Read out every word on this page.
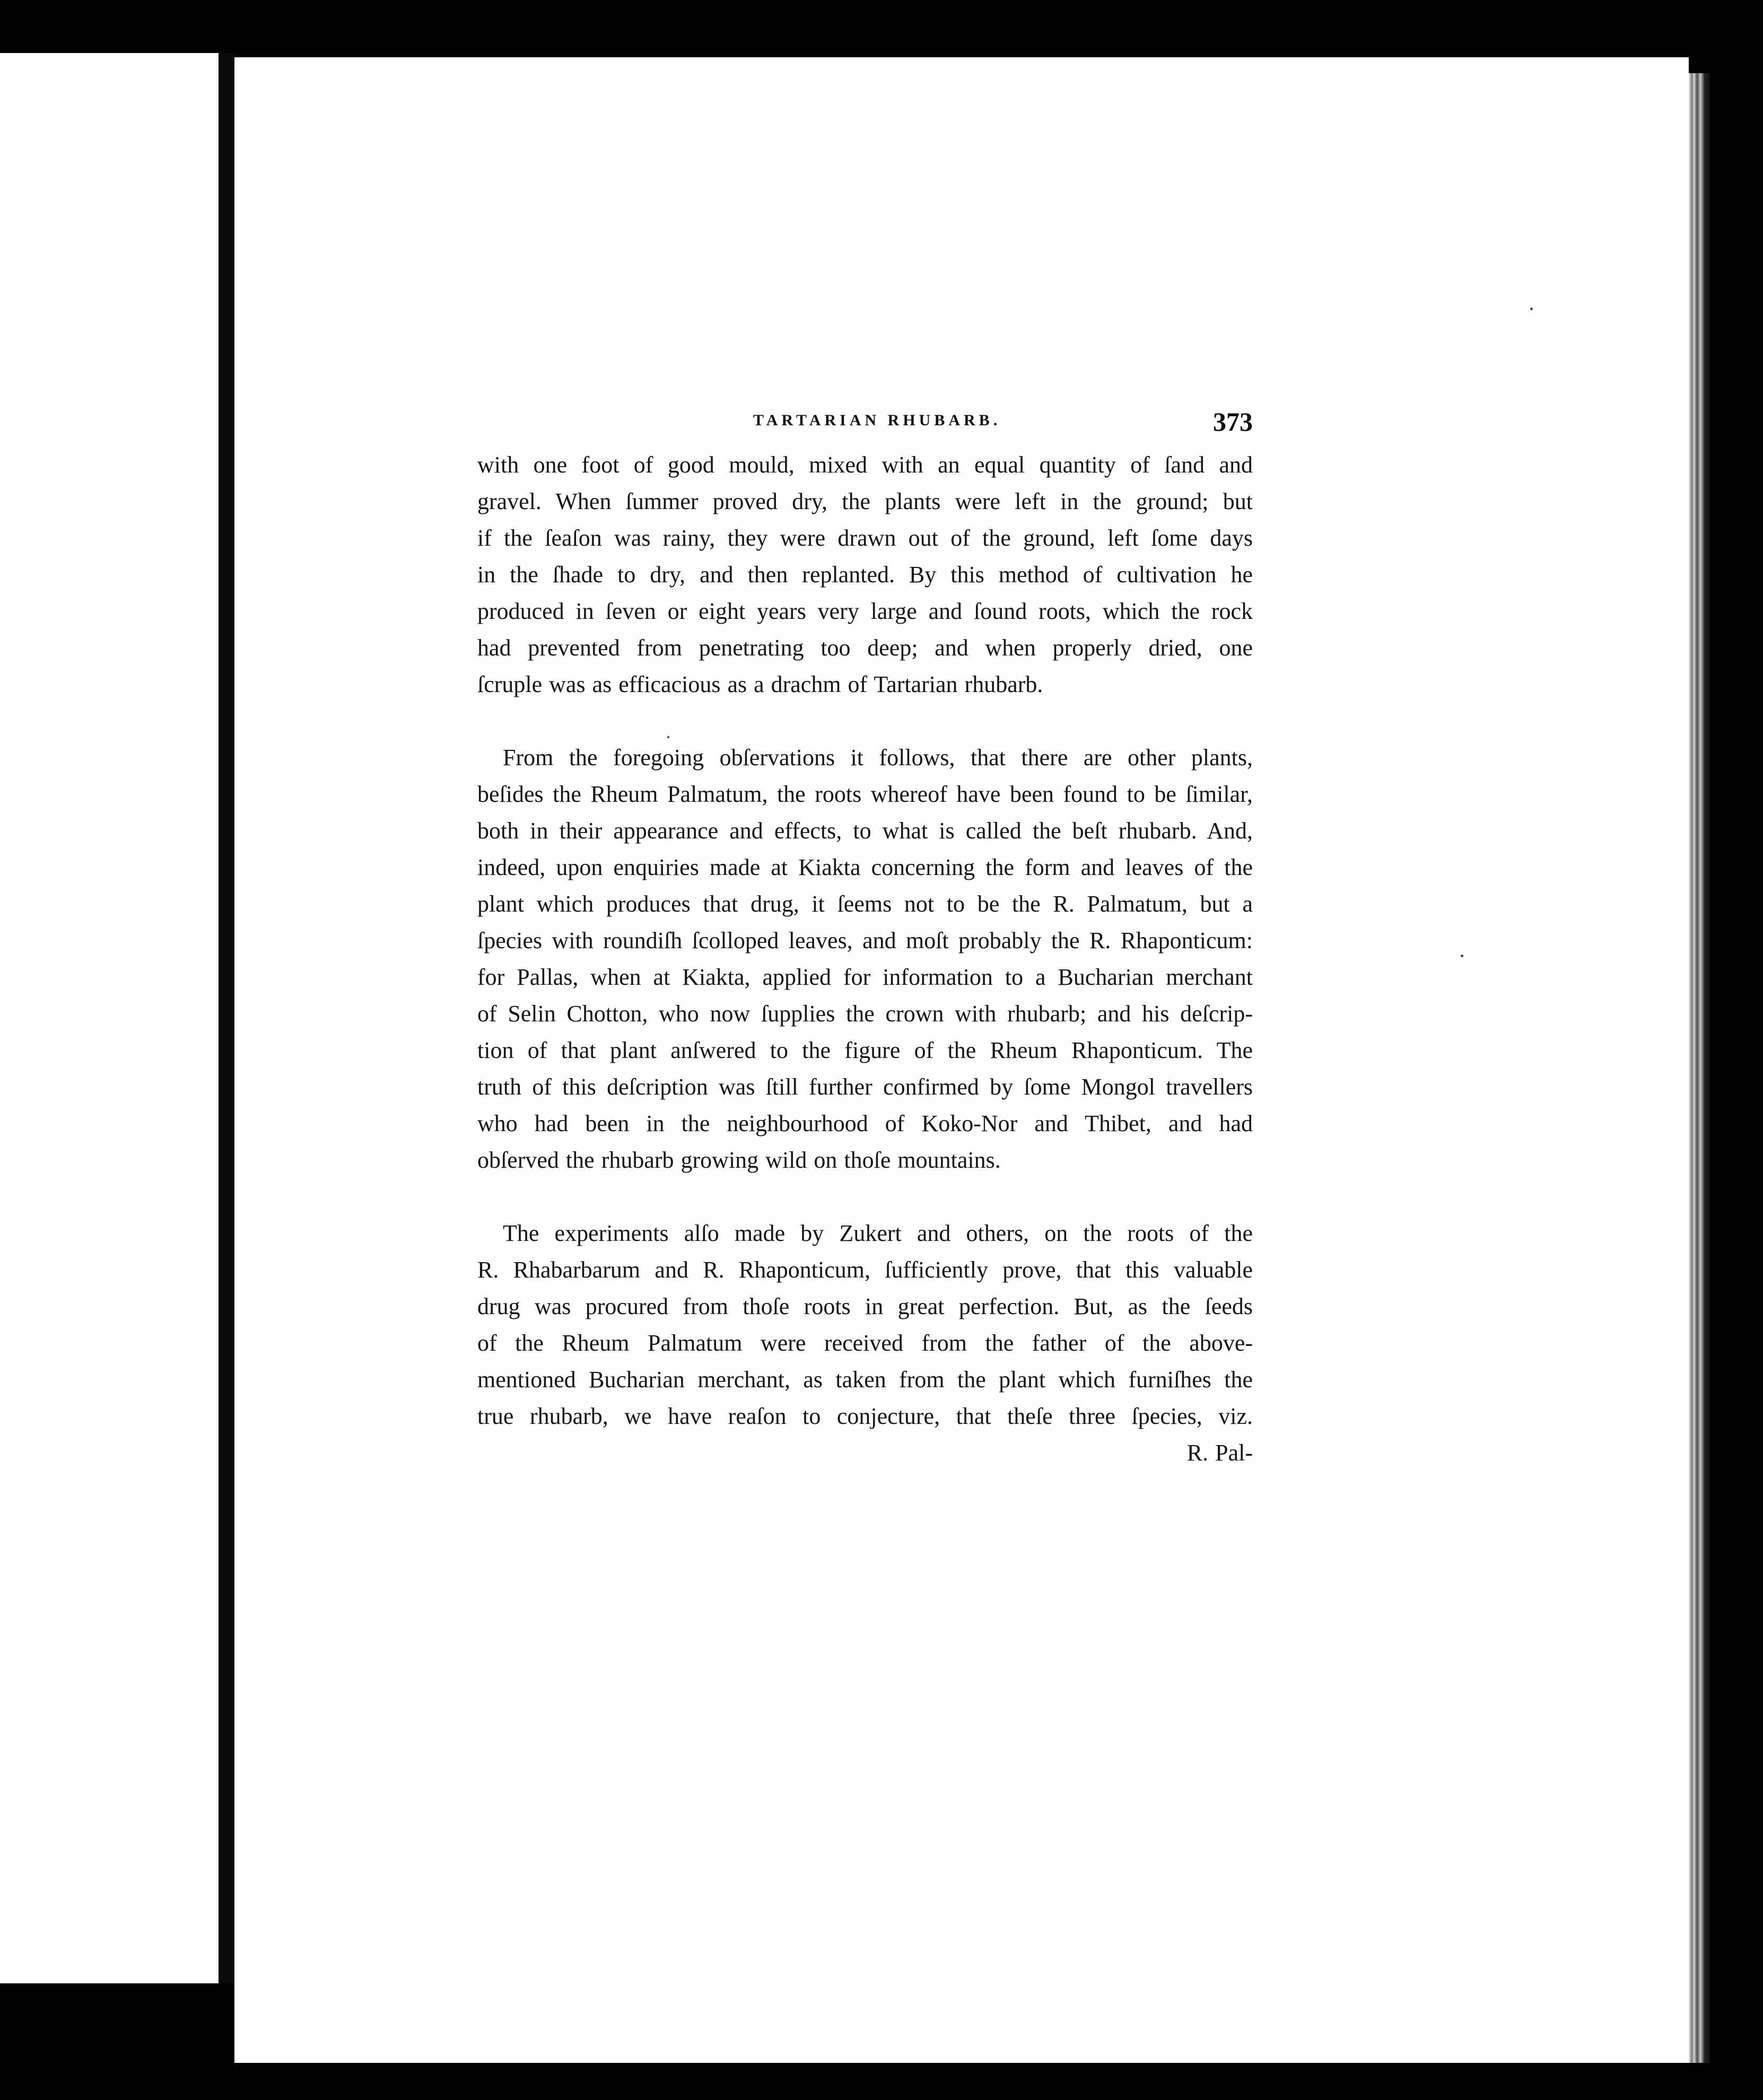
TARTARIAN RHUBARB.	373

with one foot of good mould, mixed with an equal quantity of ſand and
gravel. When ſummer proved dry, the plants were left in the ground; but
if the ſeaſon was rainy, they were drawn out of the ground, left ſome days
in the ſhade to dry, and then replanted. By this method of cultivation he
produced in ſeven or eight years very large and ſound roots, which the rock
had prevented from penetrating too deep; and when properly dried, one
ſcruple was as efficacious as a drachm of Tartarian rhubarb.

From the foregoing obſervations it follows, that there are other plants,
beſides the Rheum Palmatum, the roots whereof have been found to be ſimilar,
both in their appearance and effects, to what is called the beſt rhubarb. And,
indeed, upon enquiries made at Kiakta concerning the form and leaves of the
plant which produces that drug, it ſeems not to be the R. Palmatum, but a
ſpecies with roundiſh ſcolloped leaves, and moſt probably the R. Rhaponticum:
for Pallas, when at Kiakta, applied for information to a Bucharian merchant
of Selin Chotton, who now ſupplies the crown with rhubarb; and his deſcrip-
tion of that plant anſwered to the figure of the Rheum Rhaponticum. The
truth of this deſcription was ſtill further confirmed by ſome Mongol travellers
who had been in the neighbourhood of Koko-Nor and Thibet, and had
obſerved the rhubarb growing wild on thoſe mountains.

The experiments alſo made by Zukert and others, on the roots of the
R. Rhabarbarum and R. Rhaponticum, ſufficiently prove, that this valuable
drug was procured from thoſe roots in great perfection. But, as the ſeeds
of the Rheum Palmatum were received from the father of the above-
mentioned Bucharian merchant, as taken from the plant which furniſhes the
true rhubarb, we have reaſon to conjecture, that theſe three ſpecies, viz.
R. Pal-
